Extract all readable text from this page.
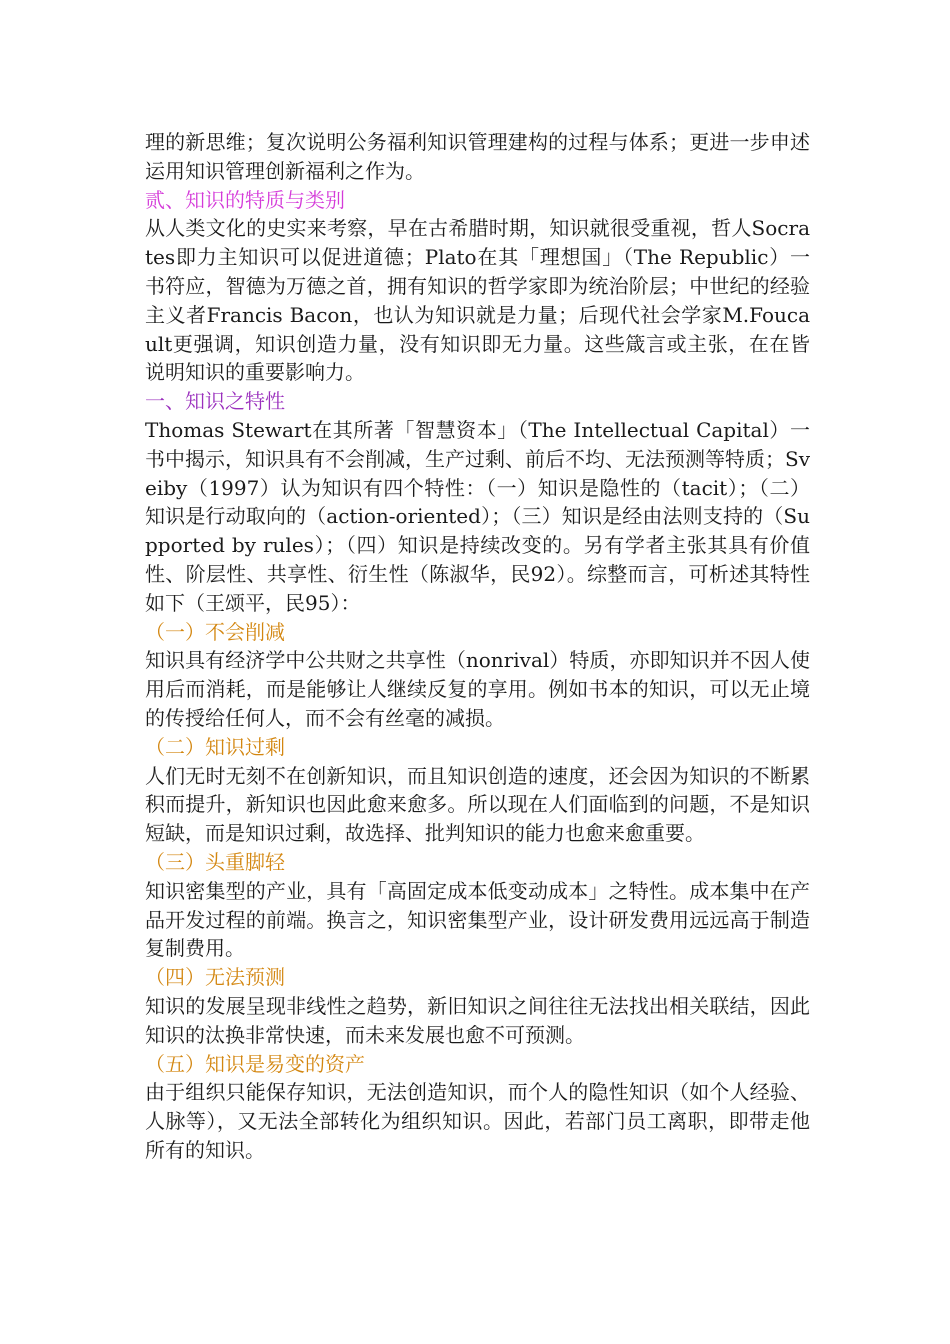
理的新思维；复次说明公务福利知识管理建构的过程与体系；更进一步申述运用知识管理创新福利之作为。

贰、知识的特质与类别

从人类文化的史实来考察，早在古希腊时期，知识就很受重视，哲人Socrates即力主知识可以促进道德；Plato在其「理想国」（The Republic）一书符应，智德为万德之首，拥有知识的哲学家即为统治阶层；中世纪的经验主义者Francis Bacon，也认为知识就是力量；后现代社会学家M.Foucault更强调，知识创造力量，没有知识即无力量。这些箴言或主张，在在皆说明知识的重要影响力。

一、知识之特性

Thomas Stewart在其所著「智慧资本」（The Intellectual Capital）一书中揭示，知识具有不会削减，生产过剩、前后不均、无法预测等特质；Sveiby（1997）认为知识有四个特性：（一）知识是隐性的（tacit）；（二）知识是行动取向的（action-oriented）；（三）知识是经由法则支持的（Supported by rules）；（四）知识是持续改变的。另有学者主张其具有价值性、阶层性、共享性、衍生性（陈淑华，民92）。综整而言，可析述其特性如下（王颂平，民95）：

（一）不会削减

知识具有经济学中公共财之共享性（nonrival）特质，亦即知识并不因人使用后而消耗，而是能够让人继续反复的享用。例如书本的知识，可以无止境的传授给任何人，而不会有丝毫的减损。

（二）知识过剩

人们无时无刻不在创新知识，而且知识创造的速度，还会因为知识的不断累积而提升，新知识也因此愈来愈多。所以现在人们面临到的问题，不是知识短缺，而是知识过剩，故选择、批判知识的能力也愈来愈重要。

（三）头重脚轻

知识密集型的产业，具有「高固定成本低变动成本」之特性。成本集中在产品开发过程的前端。换言之，知识密集型产业，设计研发费用远远高于制造复制费用。

（四）无法预测

知识的发展呈现非线性之趋势，新旧知识之间往往无法找出相关联结，因此知识的汰换非常快速，而未来发展也愈不可预测。

（五）知识是易变的资产

由于组织只能保存知识，无法创造知识，而个人的隐性知识（如个人经验、人脉等），又无法全部转化为组织知识。因此，若部门员工离职，即带走他所有的知识。
